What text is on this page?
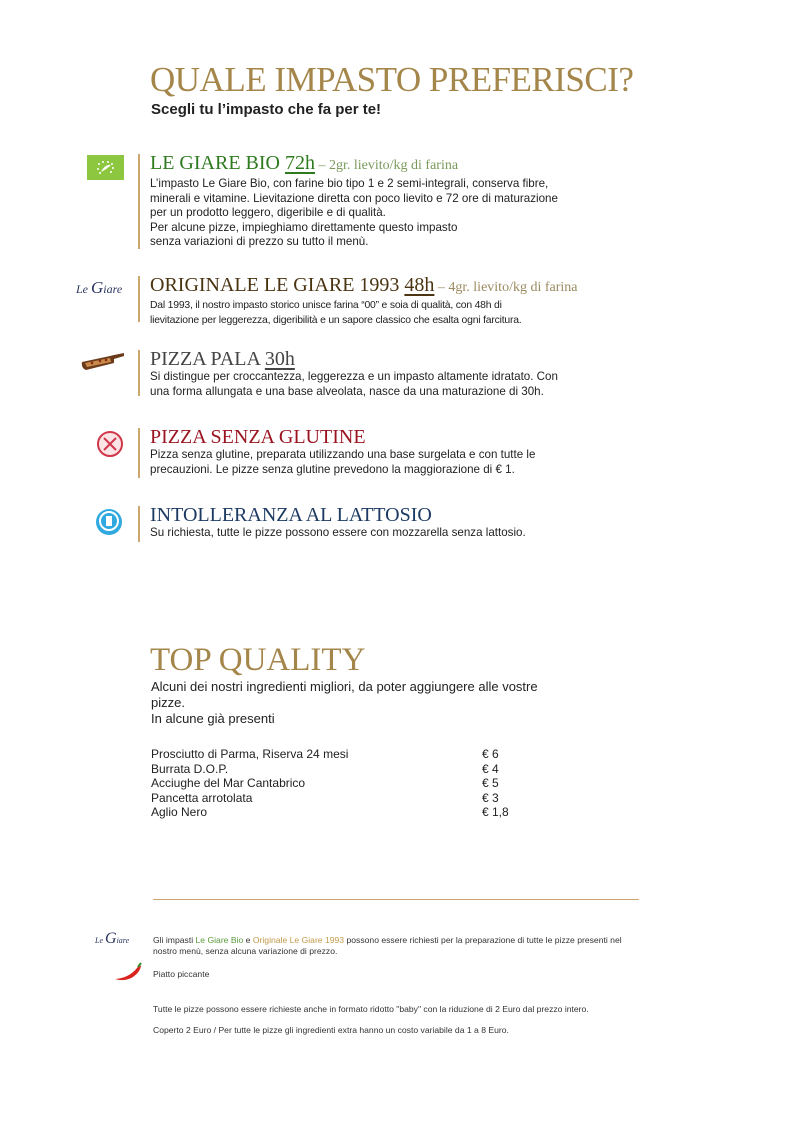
QUALE IMPASTO PREFERISCI?
Scegli tu l’impasto che fa per te!
LE GIARE BIO 72h – 2gr. lievito/kg di farina
L’impasto Le Giare Bio, con farine bio tipo 1 e 2 semi-integrali, conserva fibre,
minerali e vitamine. Lievitazione diretta con poco lievito e 72 ore di maturazione
per un prodotto leggero, digeribile e di qualità.
Per alcune pizze, impieghiamo direttamente questo impasto
senza variazioni di prezzo su tutto il menù.
Le Giare ORIGINALE LE GIARE 1993 48h – 4gr. lievito/kg di farina
Dal 1993, il nostro impasto storico unisce farina “00” e soia di qualità, con 48h di
lievitazione per leggerezza, digeribilità e un sapore classico che esalta ogni farcitura.
PIZZA PALA 30h
Si distingue per croccantezza, leggerezza e un impasto altamente idratato. Con
una forma allungata e una base alveolata, nasce da una maturazione di 30h.
PIZZA SENZA GLUTINE
Pizza senza glutine, preparata utilizzando una base surgelata e con tutte le
precauzioni. Le pizze senza glutine prevedono la maggiorazione di € 1.
INTOLLERANZA AL LATTOSIO
Su richiesta, tutte le pizze possono essere con mozzarella senza lattosio.
TOP QUALITY
Alcuni dei nostri ingredienti migliori, da poter aggiungere alle vostre
pizze.
In alcune già presenti
Prosciutto di Parma, Riserva 24 mesi	€ 6
Burrata D.O.P.	€ 4
Acciughe del Mar Cantabrico	€ 5
Pancetta arrotolata	€ 3
Aglio Nero	€ 1,8
Le Giare	Gli impasti Le Giare Bio e Originale Le Giare 1993 possono essere richiesti per la preparazione di tutte le pizze presenti nel nostro menù, senza alcuna variazione di prezzo.
Piatto piccante
Tutte le pizze possono essere richieste anche in formato ridotto "baby" con la riduzione di 2 Euro dal prezzo intero.
Coperto 2 Euro / Per tutte le pizze gli ingredienti extra hanno un costo variabile da 1 a 8 Euro.
